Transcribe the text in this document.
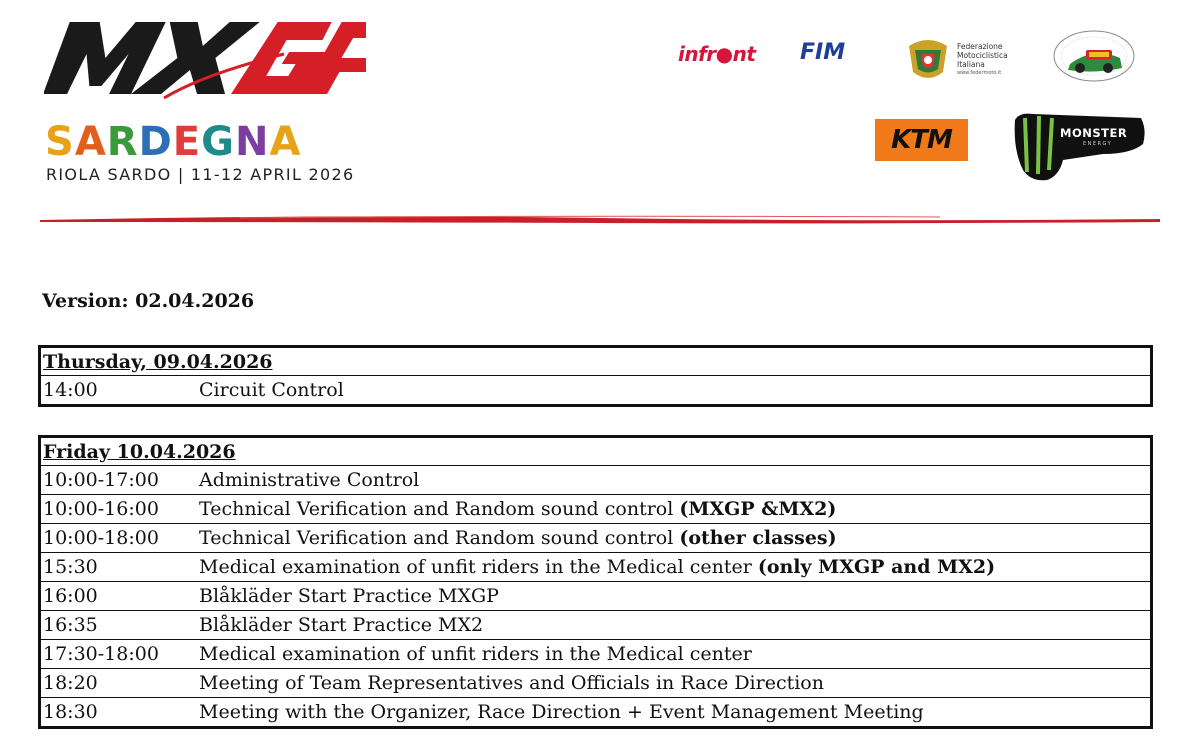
SARDEGNA
RIOLA SARDO | 11-12 APRIL 2026
infr●nt FIM	Federazione
Motociclistica
Italiana
www.federmoto.it
KTM	MONSTER
ENERGY
Version: 02.04.2026
Thursday, 09.04.2026
14:00	Circuit Control
Friday 10.04.2026
10:00-17:00	Administrative Control
10:00-16:00	Technical Verification and Random sound control (MXGP &MX2)
10:00-18:00	Technical Verification and Random sound control (other classes)
15:30	Medical examination of unfit riders in the Medical center (only MXGP and MX2)
16:00	Blåkläder Start Practice MXGP
16:35	Blåkläder Start Practice MX2
17:30-18:00	Medical examination of unfit riders in the Medical center
18:20	Meeting of Team Representatives and Officials in Race Direction
18:30	Meeting with the Organizer, Race Direction + Event Management Meeting
